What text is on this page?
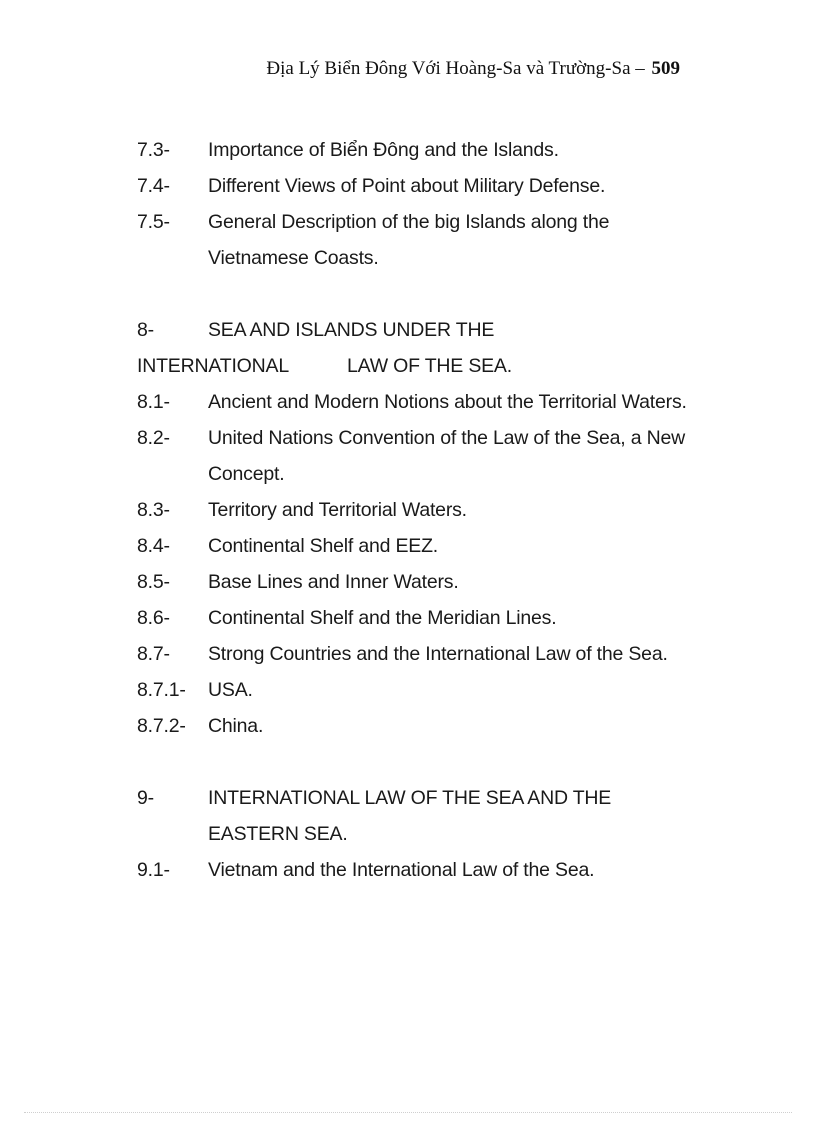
Địa Lý Biển Đông Với Hoàng-Sa và Trường-Sa – 509
7.3-	Importance of Biển Đông and the Islands.
7.4-	Different Views of Point about Military Defense.
7.5-	General Description of the big Islands along the Vietnamese Coasts.
8-	SEA AND ISLANDS UNDER THE
INTERNATIONAL	LAW OF THE SEA.
8.1-	Ancient and Modern Notions about the Territorial Waters.
8.2-	United Nations Convention of the Law of the Sea, a New Concept.
8.3-	Territory and Territorial Waters.
8.4-	Continental Shelf and EEZ.
8.5-	Base Lines and Inner Waters.
8.6-	Continental Shelf and the Meridian Lines.
8.7-	Strong Countries and the International Law of the Sea.
8.7.1-	USA.
8.7.2-	China.
9-	INTERNATIONAL LAW OF THE SEA AND THE EASTERN SEA.
9.1-	Vietnam and the International Law of the Sea.
